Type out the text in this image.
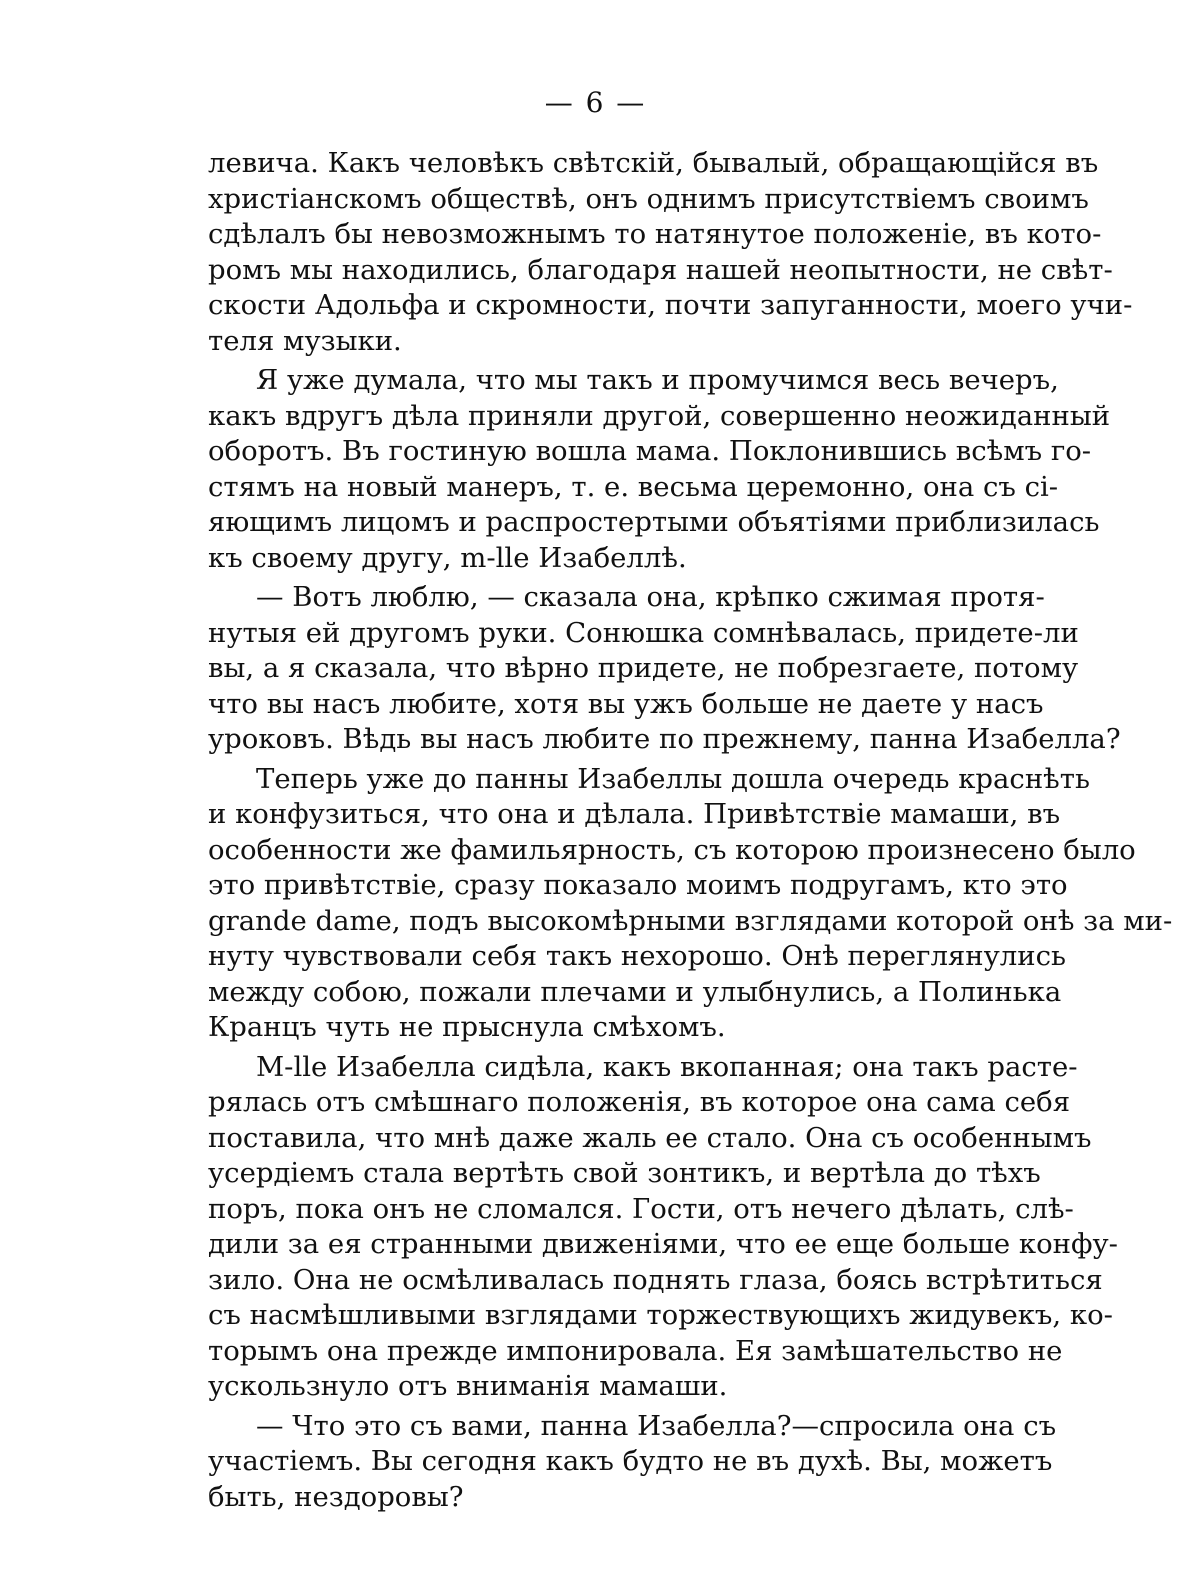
— 6 —
левича. Какъ человѣкъ свѣтскій, бывалый, обращающійся въ
христіанскомъ обществѣ, онъ однимъ присутствіемъ своимъ
сдѣлалъ бы невозможнымъ то натянутое положеніе, въ кото-
ромъ мы находились, благодаря нашей неопытности, не свѣт-
скости Адольфа и скромности, почти запуганности, моего учи-
теля музыки.
Я уже думала, что мы такъ и промучимся весь вечеръ,
какъ вдругъ дѣла приняли другой, совершенно неожиданный
оборотъ. Въ гостиную вошла мама. Поклонившись всѣмъ го-
стямъ на новый манеръ, т. е. весьма церемонно, она съ сі-
яющимъ лицомъ и распростертыми объятіями приблизилась
къ своему другу, m-lle Изабеллѣ.
— Вотъ люблю, — сказала она, крѣпко сжимая протя-
нутыя ей другомъ руки. Сонюшка сомнѣвалась, придете-ли
вы, а я сказала, что вѣрно придете, не побрезгаете, потому
что вы насъ любите, хотя вы ужъ больше не даете у насъ
уроковъ. Вѣдь вы насъ любите по прежнему, панна Изабелла?
Теперь уже до панны Изабеллы дошла очередь краснѣть
и конфузиться, что она и дѣлала. Привѣтствіе мамаши, въ
особенности же фамильярность, съ которою произнесено было
это привѣтствіе, сразу показало моимъ подругамъ, кто это
grande dame, подъ высокомѣрными взглядами которой онѣ за ми-
нуту чувствовали себя такъ нехорошо. Онѣ переглянулись
между собою, пожали плечами и улыбнулись, а Полинька
Кранцъ чуть не прыснула смѣхомъ.
M-lle Изабелла сидѣла, какъ вкопанная; она такъ расте-
рялась отъ смѣшнаго положенія, въ которое она сама себя
поставила, что мнѣ даже жаль ее стало. Она съ особеннымъ
усердіемъ стала вертѣть свой зонтикъ, и вертѣла до тѣхъ
поръ, пока онъ не сломался. Гости, отъ нечего дѣлать, слѣ-
дили за ея странными движеніями, что ее еще больше конфу-
зило. Она не осмѣливалась поднять глаза, боясь встрѣтиться
съ насмѣшливыми взглядами торжествующихъ жидувекъ, ко-
торымъ она прежде импонировала. Ея замѣшательство не
ускользнуло отъ вниманія мамаши.
— Что это съ вами, панна Изабелла?—спросила она съ
участіемъ. Вы сегодня какъ будто не въ духѣ. Вы, можетъ
быть, нездоровы?
